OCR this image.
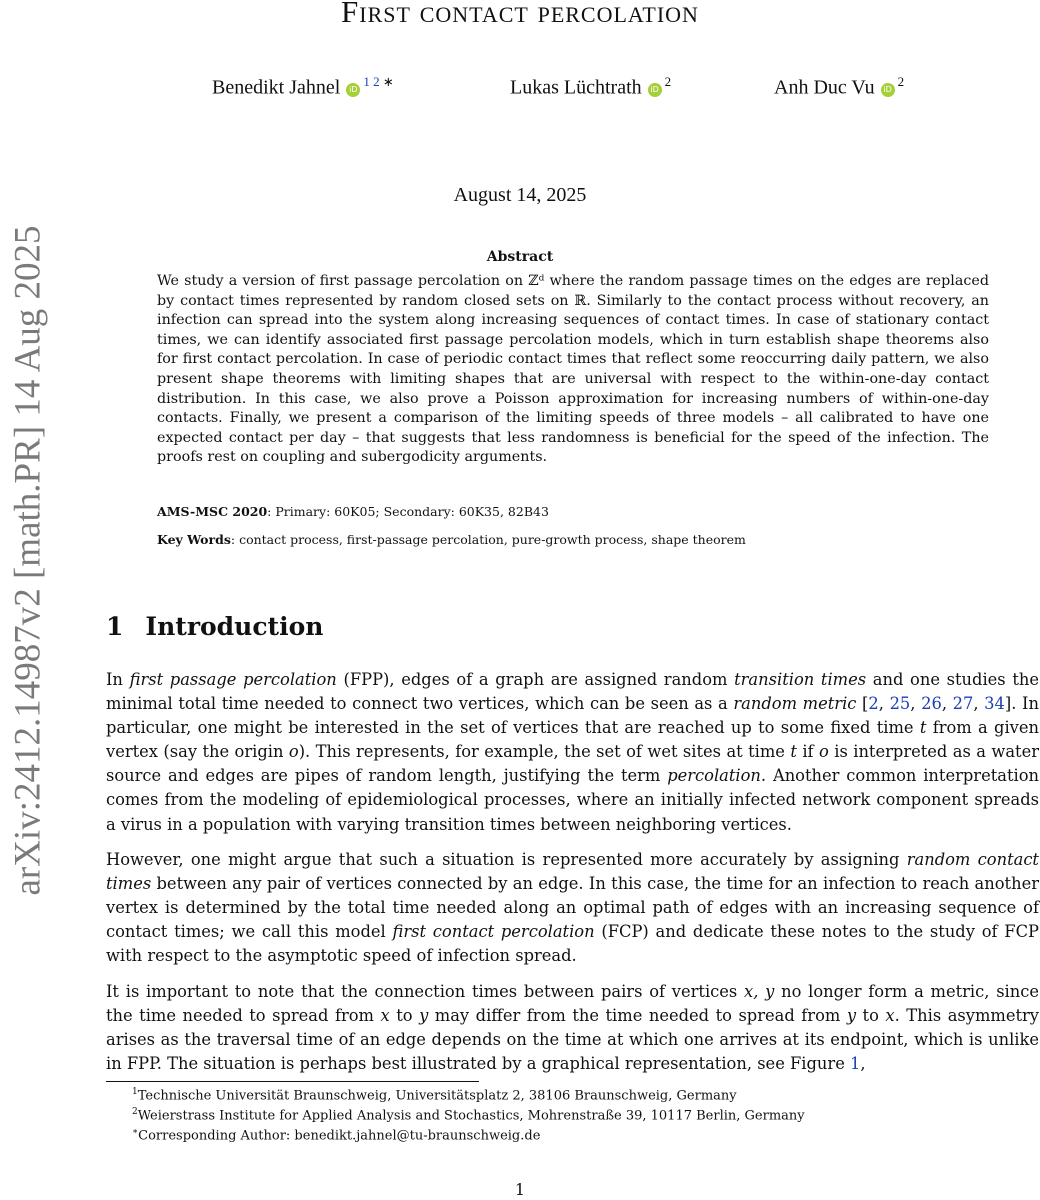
arXiv:2412.14987v2 [math.PR] 14 Aug 2025
First contact percolation
Benedikt Jahnel $iD^{1 2 ∗}$	Lukas Lüchtrath $iD^2$	Anh Duc Vu $iD^2$
August 14, 2025
Abstract

We study a version of first passage percolation on ℤᵈ where the random passage times on the edges are replaced by contact times represented by random closed sets on ℝ. Similarly to the contact process without recovery, an infection can spread into the system along increasing sequences of contact times. In case of stationary contact times, we can identify associated first passage percolation models, which in turn establish shape theorems also for first contact percolation. In case of periodic contact times that reflect some reoccurring daily pattern, we also present shape theorems with limiting shapes that are universal with respect to the within-one-day contact distribution. In this case, we also prove a Poisson approximation for increasing numbers of within-one-day contacts. Finally, we present a comparison of the limiting speeds of three models – all calibrated to have one expected contact per day – that suggests that less randomness is beneficial for the speed of the infection. The proofs rest on coupling and subergodicity arguments.

AMS-MSC 2020: Primary: 60K05; Secondary: 60K35, 82B43
Key Words: contact process, first-passage percolation, pure-growth process, shape theorem
1 Introduction

In first passage percolation (FPP), edges of a graph are assigned random transition times and one studies the minimal total time needed to connect two vertices, which can be seen as a random metric [2, 25, 26, 27, 34]. In particular, one might be interested in the set of vertices that are reached up to some fixed time t from a given vertex (say the origin o). This represents, for example, the set of wet sites at time t if o is interpreted as a water source and edges are pipes of random length, justifying the term percolation. Another common interpretation comes from the modeling of epidemiological processes, where an initially infected network component spreads a virus in a population with varying transition times between neighboring vertices.

However, one might argue that such a situation is represented more accurately by assigning random contact times between any pair of vertices connected by an edge. In this case, the time for an infection to reach another vertex is determined by the total time needed along an optimal path of edges with an increasing sequence of contact times; we call this model first contact percolation (FCP) and dedicate these notes to the study of FCP with respect to the asymptotic speed of infection spread.

It is important to note that the connection times between pairs of vertices x, y no longer form a metric, since the time needed to spread from x to y may differ from the time needed to spread from y to x. This asymmetry arises as the traversal time of an edge depends on the time at which one arrives at its endpoint, which is unlike in FPP. The situation is perhaps best illustrated by a graphical representation, see Figure 1,

$^1$Technische Universität Braunschweig, Universitätsplatz 2, 38106 Braunschweig, Germany
$^2$Weierstrass Institute for Applied Analysis and Stochastics, Mohrenstraße 39, 10117 Berlin, Germany
∗Corresponding Author: benedikt.jahnel@tu-braunschweig.de
1
